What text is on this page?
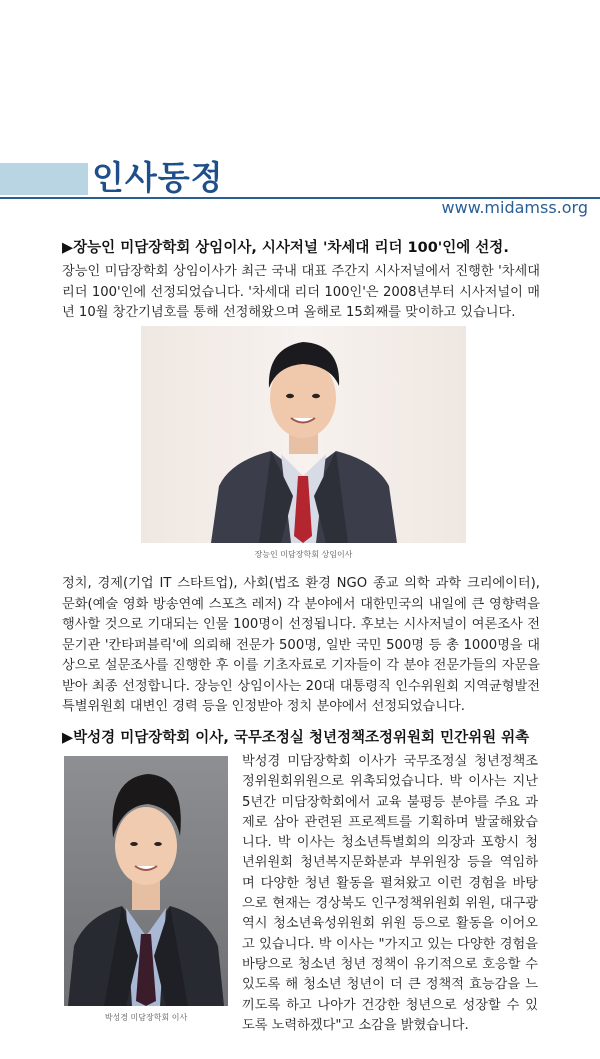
인사동정
www.midamss.org
▶장능인 미담장학회 상임이사, 시사저널 '차세대 리더 100'인에 선정.

장능인 미담장학회 상임이사가 최근 국내 대표 주간지 시사저널에서 진행한 '차세대 리더 100'인에 선정되었습니다. '차세대 리더 100인'은 2008년부터 시사저널이 매년 10월 창간기념호를 통해 선정해왔으며 올해로 15회째를 맞이하고 있습니다.

장능인 미담장학회 상임이사

정치, 경제(기업 IT 스타트업), 사회(법조 환경 NGO 종교 의학 과학 크리에이터), 문화(예술 영화 방송연예 스포츠 레저) 각 분야에서 대한민국의 내일에 큰 영향력을 행사할 것으로 기대되는 인물 100명이 선정됩니다. 후보는 시사저널이 여론조사 전문기관 '칸타퍼블릭'에 의뢰해 전문가 500명, 일반 국민 500명 등 총 1000명을 대상으로 설문조사를 진행한 후 이를 기초자료로 기자들이 각 분야 전문가들의 자문을 받아 최종 선정합니다. 장능인 상임이사는 20대 대통령직 인수위원회 지역균형발전특별위원회 대변인 경력 등을 인정받아 정치 분야에서 선정되었습니다.

▶박성경 미담장학회 이사, 국무조정실 청년정책조정위원회 민간위원 위촉
박성경 미담장학회 이사

박성경 미담장학회 이사가 국무조정실 청년정책조정위원회위원으로 위촉되었습니다. 박 이사는 지난 5년간 미담장학회에서 교육 불평등 분야를 주요 과제로 삼아 관련된 프로젝트를 기획하며 발굴해왔습니다. 박 이사는 청소년특별회의 의장과 포항시 청년위원회 청년복지문화분과 부위원장 등을 역임하며 다양한 청년 활동을 펼쳐왔고 이런 경험을 바탕으로 현재는 경상북도 인구정책위원회 위원, 대구광역시 청소년육성위원회 위원 등으로 활동을 이어오고 있습니다. 박 이사는 "가지고 있는 다양한 경험을 바탕으로 청소년 청년 정책이 유기적으로 호응할 수 있도록 해 청소년 청년이 더 큰 정책적 효능감을 느끼도록 하고 나아가 건강한 청년으로 성장할 수 있도록 노력하겠다"고 소감을 밝혔습니다.
